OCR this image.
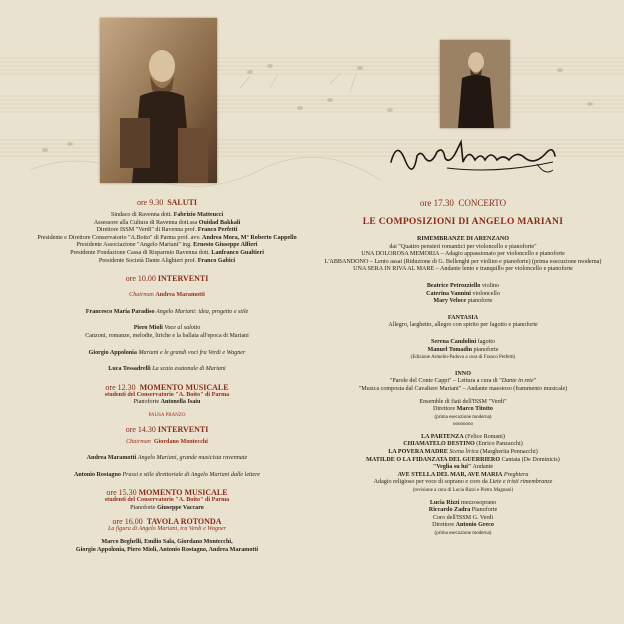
ore 9.30 SALUTI
Sindaco di Ravenna dott. Fabrizio Matteucci
Assessore alla Cultura di Ravenna dott.ssa Ouidad Bakkali
Direttore ISSM "Verdi" di Ravenna prof. Franco Perfetti
Presidente e Direttore Conservatorio "A.Boito" di Parma prof. avv. Andrea Mora, M° Roberto Cappello
Presidente Associazione "Angelo Mariani" ing. Ernesto Giuseppe Alfieri
Presidente Fondazione Cassa di Risparmio Ravenna dott. Lanfranco Gualtieri
Presidente Società Dante Alighieri prof. Franco Gabici
ore 10.00 INTERVENTI
Chairman Andrea Maramotti
Francesco Maria Paradiso Angelo Mariani: idea, progetto e stile
Piero Mioli Voce al salotto
Canzoni, romanze, melodie, liriche e la ballata all'epoca di Mariani
Giorgio Appolonia Mariani e le grandi voci fra Verdi e Wagner
Luca Tessadrelli La scaia esatonale di Mariani
ore 12.30 MOMENTO MUSICALE
studenti del Conservatorio "A. Boito" di Parma
Pianoforte Antonella Isaiu
PAUSA PRANZO
ore 14.30 INTERVENTI
Chairman Giordano Montecchi
Andrea Maramotti Angelo Mariani, grande musicista ravennate
Antonio Rostagno Prassi e stile direttoriale di Angelo Mariani dalle lettere
ore 15.30 MOMENTO MUSICALE
studenti del Conservatorio "A. Boito" di Parma
Pianoforte Giuseppe Vaccaro
ore 16.00 TAVOLA ROTONDA
La figura di Angelo Mariani, tra Verdi e Wagner
Marco Beghelli, Emilio Sala, Giordano Montecchi,
Giorgio Appolonia, Piero Mioli, Antonio Rostagno, Andrea Maramotti
ore 17.30 CONCERTO
LE COMPOSIZIONI DI ANGELO MARIANI
RIMEMBRANZE DI ARENZANO
dai "Quattro pensieri romantici per violoncello e pianoforte"
UNA DOLOROSA MEMORIA – Adagio appassionato per violoncello e pianoforte
L'ABBANDONO – Lento assai (Riduzione di G. Bellenghi per violino e pianoforte) (prima esecuzione moderna)
UNA SERA IN RIVA AL MARE – Andante lento e tranquillo per violoncello e pianoforte
Beatrice Petrozziello violino
Caterina Vannini violoncello
Mary Veloce pianoforte
FANTASIA
Allegro, larghetto, allegro con spirito per fagotto e pianoforte
Serena Candolini fagotto
Manuel Tomadin pianoforte
(Edizione Armelin-Padova a cura di Franco Perfetti)
INNO
"Parole del Conte Cappi" – Lettura a cura di "Dante in rete"
"Musica composta dal Cavaliere Mariani" – Andante maestoso (frammento musicale)
Ensemble di fiati dell'ISSM "Verdi"
Direttore Marco Titotto
(prima esecuzione moderna)
oooooooo
LA PARTENZA (Felice Romani)
CHIAMATELO DESTINO (Enrico Panzacchi)
LA POVERA MADRE Scena lirica (Margherita Pennacchi)
MATILDE O LA FIDANZATA DEL GUERRIERO Cantata (De Dominicis)
"Veglia su lui" Andante
AVE STELLA DEL MAR, AVE MARIA Preghiera
Adagio religioso per voce di soprano e coro da Liete e tristi rimembranze
(revisione a cura di Lucia Rizzi e Pietro Magnani)
Lucia Rizzi mezzosoprano
Riccardo Zadra Pianoforte
Coro dell'ISSM G. Verdi
Direttore Antonio Greco
(prima esecuzione moderna)
